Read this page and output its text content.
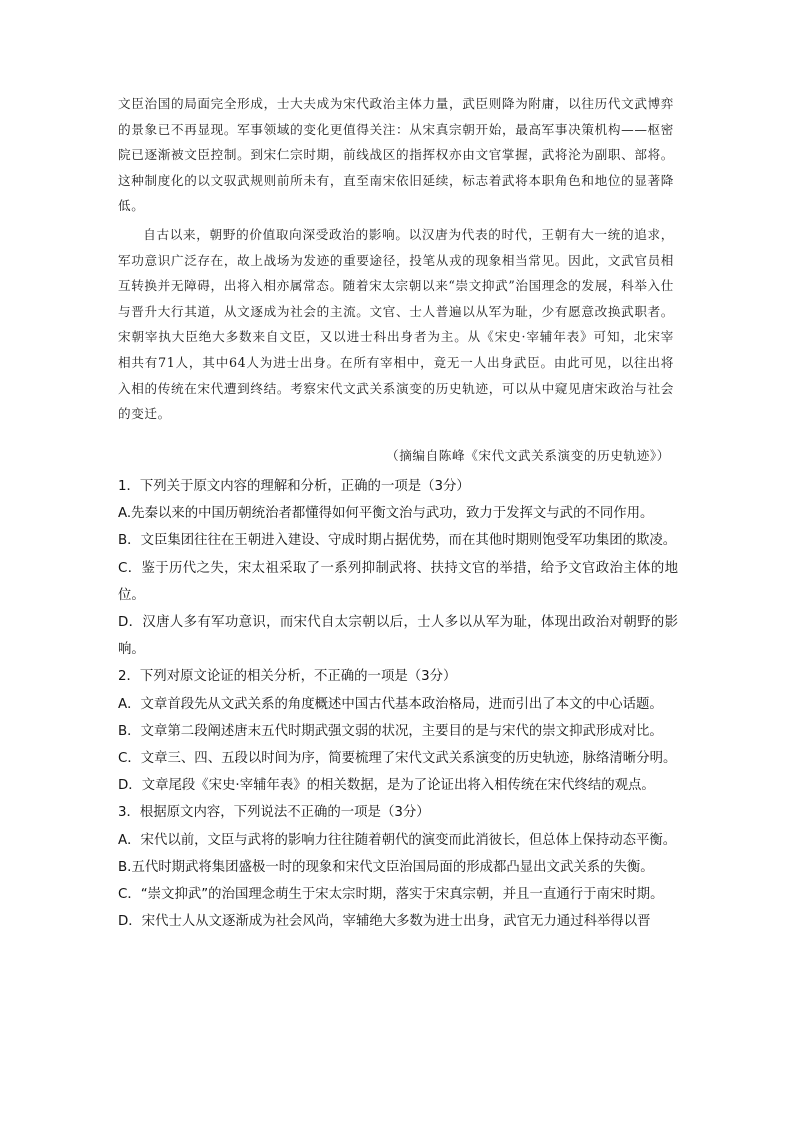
文臣治国的局面完全形成，士大夫成为宋代政治主体力量，武臣则降为附庸，以往历代文武博弈的景象已不再显现。军事领域的变化更值得关注：从宋真宗朝开始，最高军事决策机构——枢密院已逐渐被文臣控制。到宋仁宗时期，前线战区的指挥权亦由文官掌握，武将沦为副职、部将。这种制度化的以文驭武规则前所未有，直至南宋依旧延续，标志着武将本职角色和地位的显著降低。

自古以来，朝野的价值取向深受政治的影响。以汉唐为代表的时代，王朝有大一统的追求，军功意识广泛存在，故上战场为发迹的重要途径，投笔从戎的现象相当常见。因此，文武官员相互转换并无障碍，出将入相亦属常态。随着宋太宗朝以来“崇文抑武”治国理念的发展，科举入仕与晋升大行其道，从文逐成为社会的主流。文官、士人普遍以从军为耻，少有愿意改换武职者。宋朝宰执大臣绝大多数来自文臣，又以进士科出身者为主。从《宋史·宰辅年表》可知，北宋宰相共有71人，其中64人为进士出身。在所有宰相中，竟无一人出身武臣。由此可见，以往出将入相的传统在宋代遭到终结。考察宋代文武关系演变的历史轨迹，可以从中窥见唐宋政治与社会的变迁。

（摘编自陈峰《宋代文武关系演变的历史轨迹》）

1．下列关于原文内容的理解和分析，正确的一项是（3分）

A.先秦以来的中国历朝统治者都懂得如何平衡文治与武功，致力于发挥文与武的不同作用。

B．文臣集团往往在王朝进入建设、守成时期占据优势，而在其他时期则饱受军功集团的欺凌。

C．鉴于历代之失，宋太祖采取了一系列抑制武将、扶持文官的举措，给予文官政治主体的地位。

D．汉唐人多有军功意识，而宋代自太宗朝以后，士人多以从军为耻，体现出政治对朝野的影响。

2．下列对原文论证的相关分析，不正确的一项是（3分）

A．文章首段先从文武关系的角度概述中国古代基本政治格局，进而引出了本文的中心话题。

B．文章第二段阐述唐末五代时期武强文弱的状况，主要目的是与宋代的崇文抑武形成对比。

C．文章三、四、五段以时间为序，简要梳理了宋代文武关系演变的历史轨迹，脉络清晰分明。

D．文章尾段《宋史·宰辅年表》的相关数据，是为了论证出将入相传统在宋代终结的观点。

3．根据原文内容，下列说法不正确的一项是（3分）

A．宋代以前，文臣与武将的影响力往往随着朝代的演变而此消彼长，但总体上保持动态平衡。

B.五代时期武将集团盛极一时的现象和宋代文臣治国局面的形成都凸显出文武关系的失衡。

C．“崇文抑武”的治国理念萌生于宋太宗时期，落实于宋真宗朝，并且一直通行于南宋时期。

D．宋代士人从文逐渐成为社会风尚，宰辅绝大多数为进士出身，武官无力通过科举得以晋
